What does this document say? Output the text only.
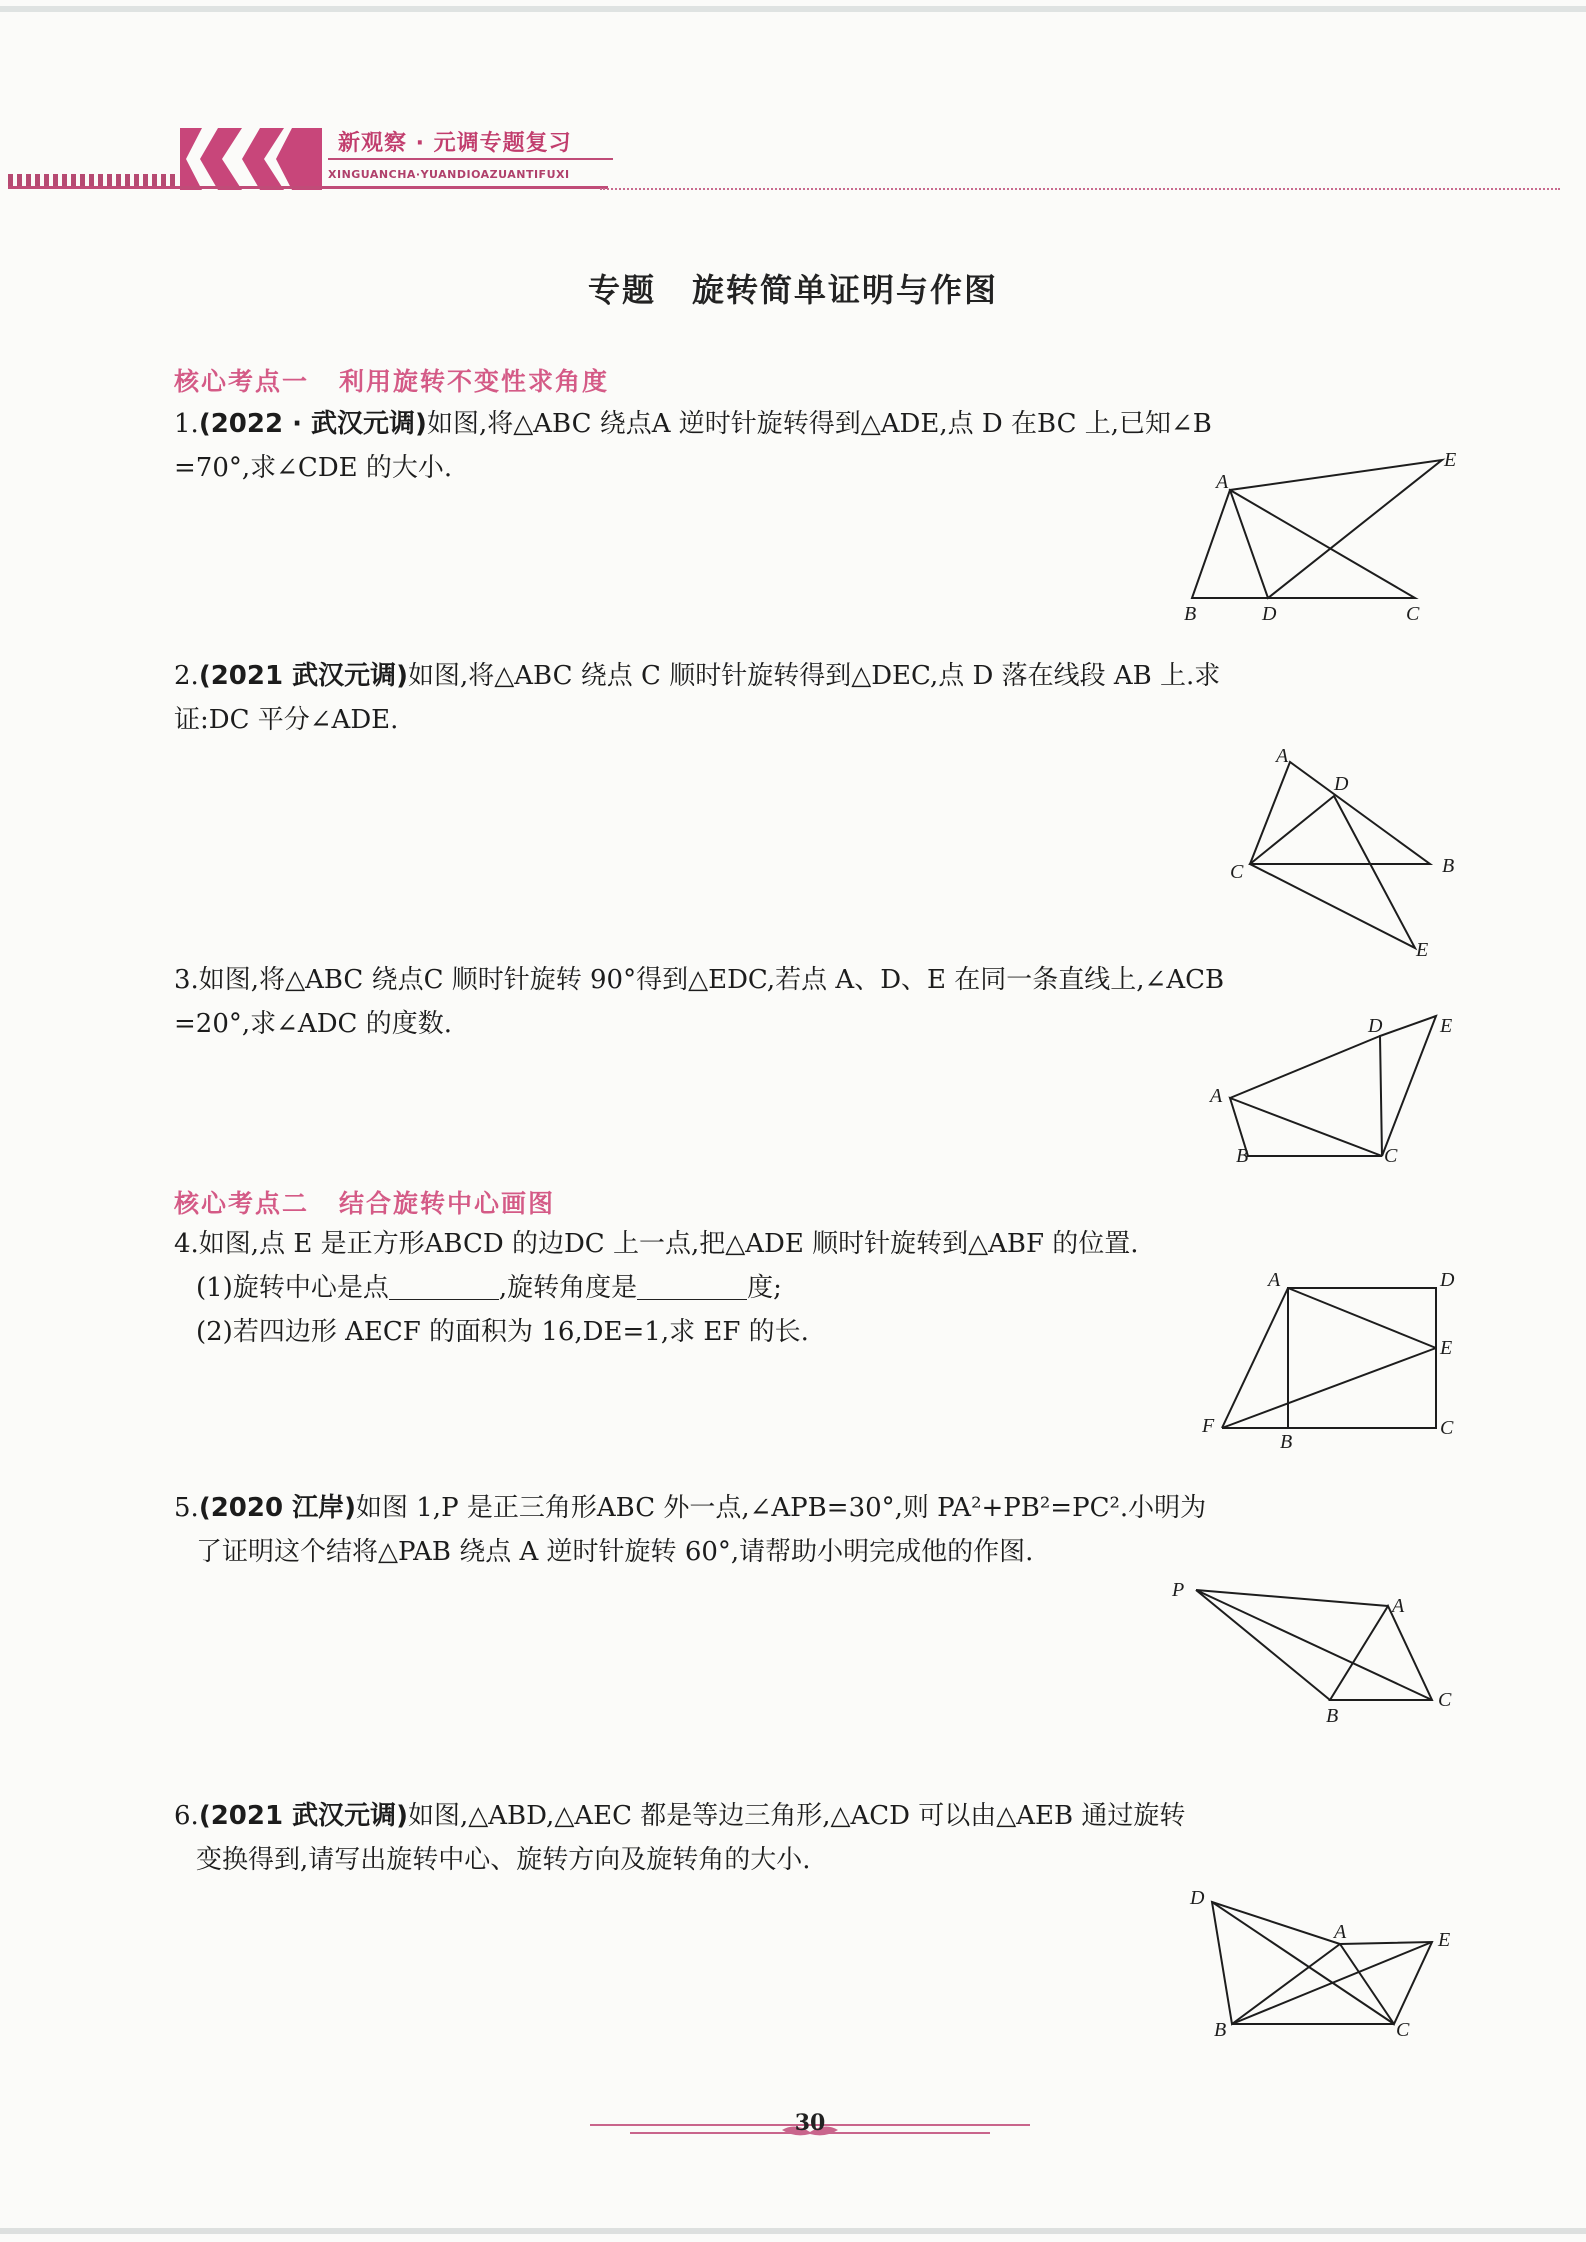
新观察 · 元调专题复习
XINGUANCHA·YUANDIOAZUANTIFUXI
专题 旋转简单证明与作图
核心考点一 利用旋转不变性求角度
1.(2022 · 武汉元调)如图,将△ABC 绕点A 逆时针旋转得到△ADE,点 D 在BC 上,已知∠B
=70°,求∠CDE 的大小.	A
E
B	D	C
2.(2021 武汉元调)如图,将△ABC 绕点 C 顺时针旋转得到△DEC,点 D 落在线段 AB 上.求
证:DC 平分∠ADE.
A
D
C	B
E
3.如图,将△ABC 绕点C 顺时针旋转 90°得到△EDC,若点 A、D、E 在同一条直线上,∠ACB
=20°,求∠ADC 的度数.	D	E
A
B	C
核心考点二 结合旋转中心画图
4.如图,点 E 是正方形ABCD 的边DC 上一点,把△ADE 顺时针旋转到△ABF 的位置.
(1)旋转中心是点	,旋转角度是	度;
(2)若四边形 AECF 的面积为 16,DE=1,求 EF 的长.
A	D
E
F
B
C
5.(2020 江岸)如图 1,P 是正三角形ABC 外一点,∠APB=30°,则 PA²+PB²=PC².小明为
了证明这个结将△PAB 绕点 A 逆时针旋转 60°,请帮助小明完成他的作图.
P
A
B
C
6.(2021 武汉元调)如图,△ABD,△AEC 都是等边三角形,△ACD 可以由△AEB 通过旋转
变换得到,请写出旋转中心、旋转方向及旋转角的大小.
D
A	E
B	C
30
